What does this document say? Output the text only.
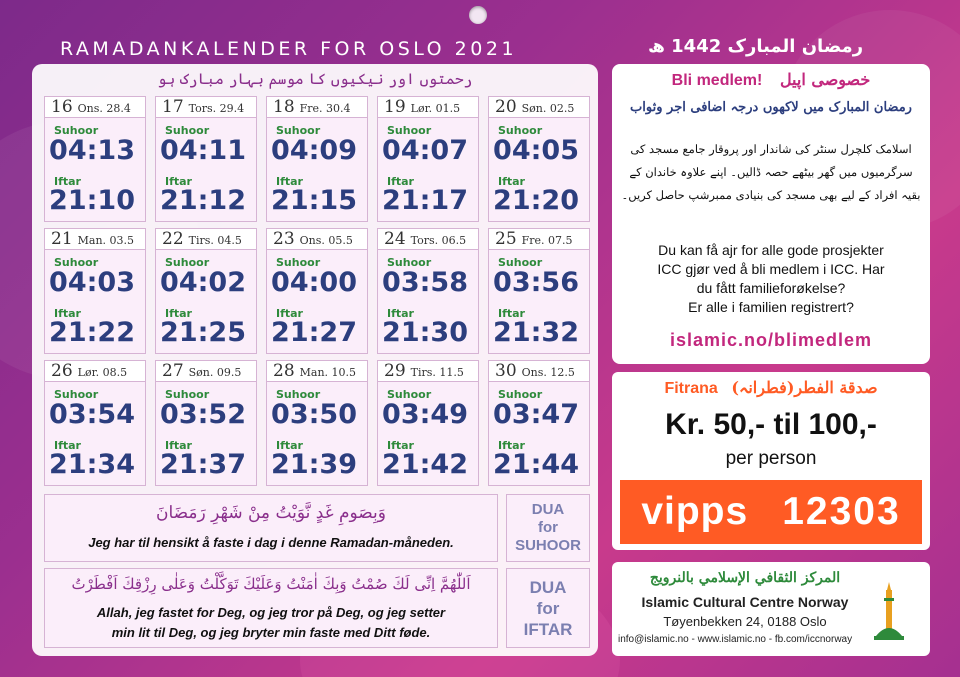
RAMADANKALENDER FOR OSLO 2021	رمضان المبارک 1442 ھ
رحمتوں اور نیکیوں کا موسم بہار مبارک ہو
16 Ons. 28.4
Suhoor
04:13
Iftar
21:10
17 Tors. 29.4
Suhoor
04:11
Iftar
21:12
18 Fre. 30.4
Suhoor
04:09
Iftar
21:15
19 Lør. 01.5
Suhoor
04:07
Iftar
21:17
20 Søn. 02.5
Suhoor
04:05
Iftar
21:20
21 Man. 03.5
Suhoor
04:03
Iftar
21:22
22 Tirs. 04.5
Suhoor
04:02
Iftar
21:25
23 Ons. 05.5
Suhoor
04:00
Iftar
21:27
24 Tors. 06.5
Suhoor
03:58
Iftar
21:30
25 Fre. 07.5
Suhoor
03:56
Iftar
21:32
26 Lør. 08.5
Suhoor
03:54
Iftar
21:34
27 Søn. 09.5
Suhoor
03:52
Iftar
21:37
28 Man. 10.5
Suhoor
03:50
Iftar
21:39
29 Tirs. 11.5
Suhoor
03:49
Iftar
21:42
30 Ons. 12.5
Suhoor
03:47
Iftar
21:44
وَبِصَومِ غَدٍ نَّوَيْتُ مِنْ شَهْرِ رَمَضَانَ
Jeg har til hensikt å faste i dag i denne Ramadan-måneden.
DUA
for
SUHOOR
اَللّٰهُمَّ اِنِّى لَكَ صُمْتُ وَبِكَ اٰمَنْتُ وَعَلَيْكَ تَوَكَّلْتُ وَعَلٰى رِزْقِكَ اَفْطَرْتُ
Allah, jeg fastet for Deg, og jeg tror på Deg, og jeg setter
min lit til Deg, og jeg bryter min faste med Ditt føde.
DUA
for
IFTAR
Bli medlem! خصوصی اپیل
رمضان المبارک میں لاکھوں درجہ اضافی اجر وثواب
اسلامک کلچرل سنٹر کی شاندار اور پروقار جامع مسجد کی
سرگرمیوں میں گھر بیٹھے حصہ ڈالیں۔ اپنے علاوہ خاندان کے
بقیہ افراد کے لیے بھی مسجد کی بنیادی ممبرشپ حاصل کریں۔
Du kan få ajr for alle gode prosjekter
ICC gjør ved å bli medlem i ICC. Har
du fått familieforøkelse?
Er alle i familien registrert?
islamic.no/blimedlem
Fitrana صدقة الفطر(فطرانہ)
Kr. 50,- til 100,-
per person
vipps 12303
المركز الثقافي الإسلامي بالنرويج
Islamic Cultural Centre Norway
Tøyenbekken 24, 0188 Oslo
info@islamic.no - www.islamic.no - fb.com/iccnorway
